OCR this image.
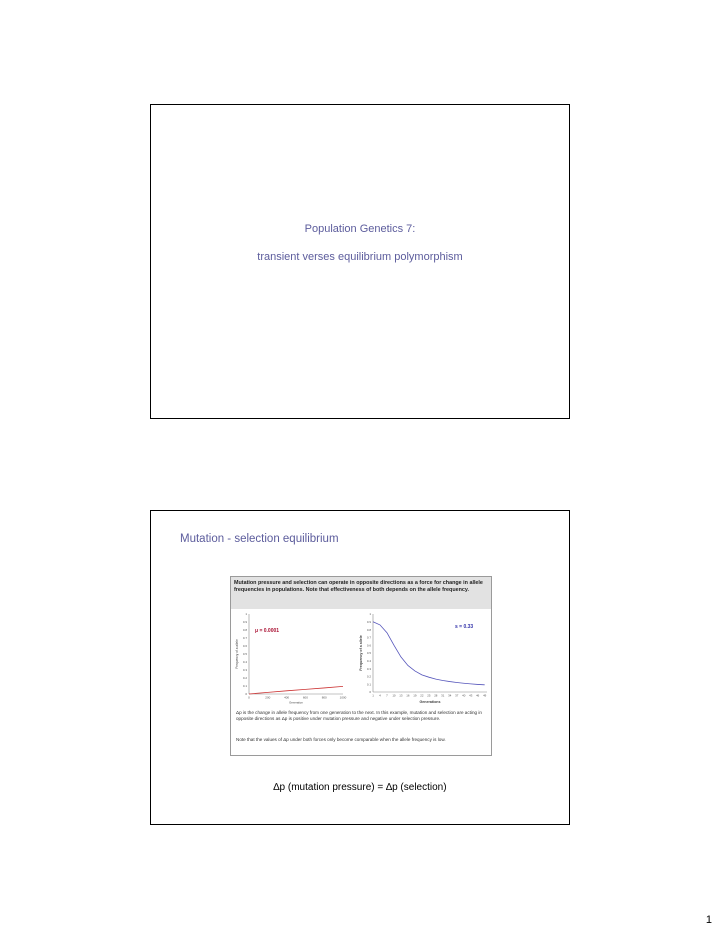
Population Genetics 7:
transient verses equilibrium polymorphism
Mutation - selection equilibrium
Mutation pressure and selection can operate in opposite directions as a force for change in allele frequencies in populations. Note that effectiveness of both depends on the allele frequency.
0
0.1
0.2
0.3
0.4
0.5
0.6
0.7
0.8
0.9
1
0	200	400	600	800	1000
Generation
Frequency of a allele
μ = 0.0001
0
0.1
0.2
0.3
0.4
0.5
0.6
0.7
0.8
0.9
1
1 4 7 10 13 16 19 22 25 28 31 34 37 40 43 46 49
Generations
Frequency of a allele
s = 0.33
Δp is the change in allele frequency from one generation to the next. In this example, mutation and selection are acting in opposite directions as Δp is positive under mutation pressure and negative under selection pressure.
Note that the values of Δp under both forces only become comparable when the allele frequency is low.
∆p (mutation pressure) = ∆p (selection)
1
